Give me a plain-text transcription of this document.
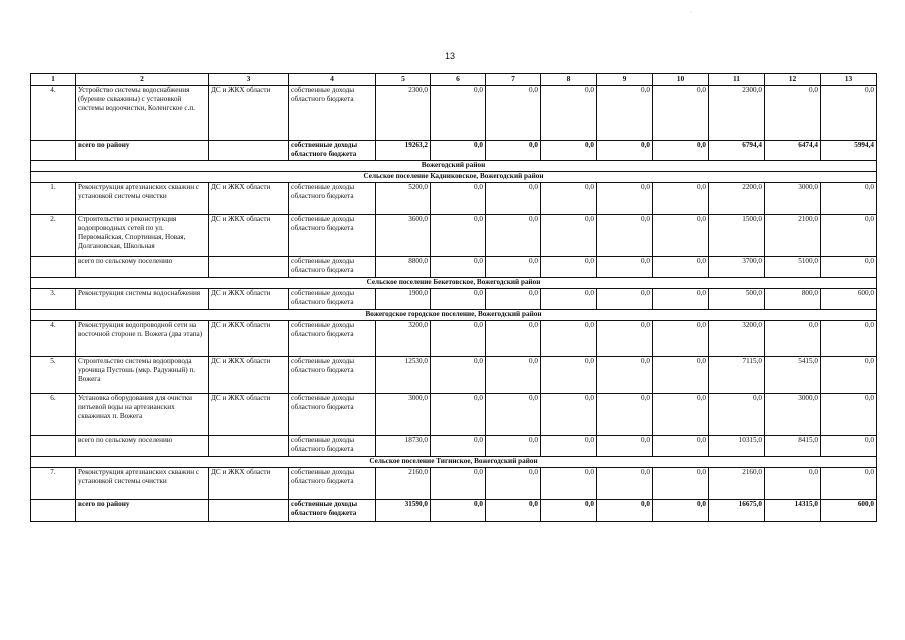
13
·
1	2	3	4	5	6	7	8	9	10	11	12	13
4.	Устройство системы водоснабжения (бурение скважины) с установкой системы водоочистки, Коленгское с.п.	ДС и ЖКХ области	собственные доходы областного бюджета	2300,0	0,0	0,0	0,0	0,0	0,0	2300,0	0,0	0,0
	всего по району		собственные доходы областного бюджета	19263,2	0,0	0,0	0,0	0,0	0,0	6794,4	6474,4	5994,4
Вожегодский район												
Сельское поселение Кадниковское, Вожегодский район												
1.	Реконструкция артезианских скважин с установкой системы очистки	ДС и ЖКХ области	собственные доходы областного бюджета	5200,0	0,0	0,0	0,0	0,0	0,0	2200,0	3000,0	0,0
2.	Строительство и реконструкция водопроводных сетей по ул. Первомайская, Спортивная, Новая, Долгановская, Школьная	ДС и ЖКХ области	собственные доходы областного бюджета	3600,0	0,0	0,0	0,0	0,0	0,0	1500,0	2100,0	0,0
	всего по сельскому поселению		собственные доходы областного бюджета	8800,0	0,0	0,0	0,0	0,0	0,0	3700,0	5100,0	0,0
Сельское поселение Бекетовское, Вожегодский район												
3.	Реконструкция системы водоснабжения	ДС и ЖКХ области	собственные доходы областного бюджета	1900,0	0,0	0,0	0,0	0,0	0,0	500,0	800,0	600,0
Вожегодское городское поселение, Вожегодский район												
4.	Реконструкция водопроводной сети на восточной стороне п. Вожега (два этапа)	ДС и ЖКХ области	собственные доходы областного бюджета	3200,0	0,0	0,0	0,0	0,0	0,0	3200,0	0,0	0,0
5.	Строительство системы водопровода урочища Пустошь (мкр. Радужный) п. Вожега	ДС и ЖКХ области	собственные доходы областного бюджета	12530,0	0,0	0,0	0,0	0,0	0,0	7115,0	5415,0	0,0
6.	Установка оборудования для очистки питьевой воды на артезианских скважинах п. Вожега	ДС и ЖКХ области	собственные доходы областного бюджета	3000,0	0,0	0,0	0,0	0,0	0,0	0,0	3000,0	0,0
	всего по сельскому поселению		собственные доходы областного бюджета	18730,0	0,0	0,0	0,0	0,0	0,0	10315,0	8415,0	0,0
Сельское поселение Тигинское, Вожегодский район												
7.	Реконструкция артезианских скважин с установкой системы очистки	ДС и ЖКХ области	собственные доходы областного бюджета	2160,0	0,0	0,0	0,0	0,0	0,0	2160,0	0,0	0,0
	всего по району		собственные доходы областного бюджета	31590,0	0,0	0,0	0,0	0,0	0,0	16675,0	14315,0	600,0
